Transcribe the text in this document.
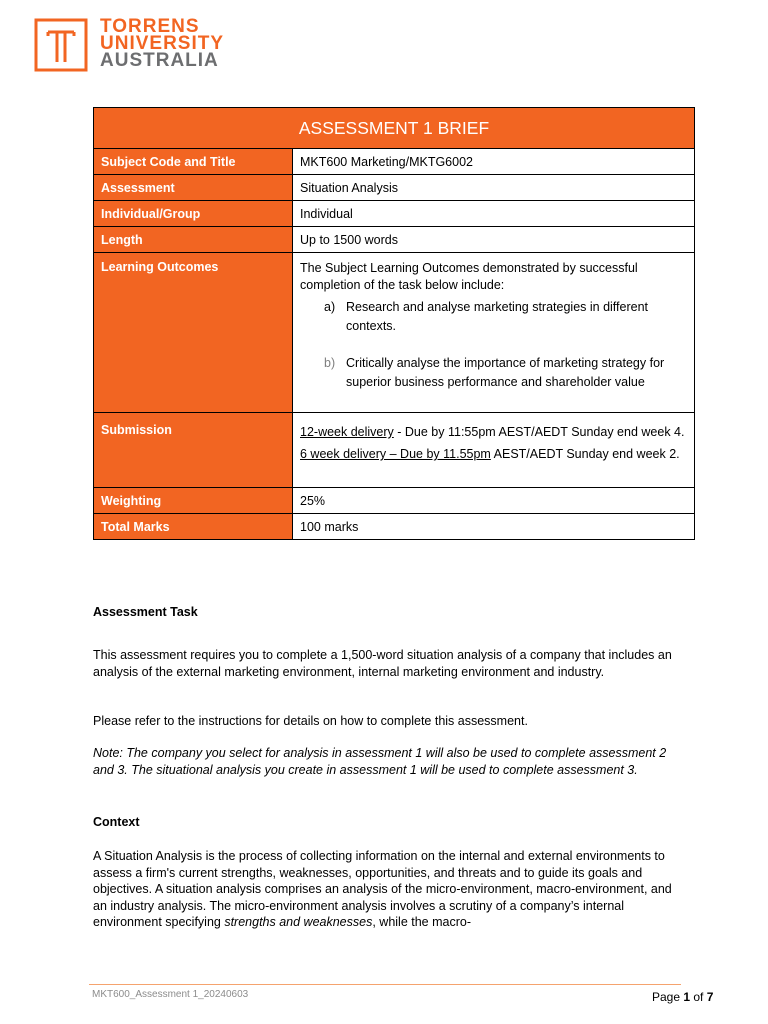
TORRENS
UNIVERSITY
AUSTRALIA
ASSESSMENT 1 BRIEF	
Subject Code and Title	MKT600 Marketing/MKTG6002
Assessment	Situation Analysis
Individual/Group	Individual
Length	Up to 1500 words
Learning Outcomes	The Subject Learning Outcomes demonstrated by successful completion of the task below include:
a) Research and analyse marketing strategies in different contexts.
b) Critically analyse the importance of marketing strategy for superior business performance and shareholder value

Submission	12-week delivery - Due by 11:55pm AEST/AEDT Sunday end week 4.
6 week delivery – Due by 11.55pm AEST/AEDT Sunday end week 2.

Weighting	25%
Total Marks	100 marks
Assessment Task
This assessment requires you to complete a 1,500-word situation analysis of a company that includes an analysis of the external marketing environment, internal marketing environment and industry.
Please refer to the instructions for details on how to complete this assessment.
Note: The company you select for analysis in assessment 1 will also be used to complete assessment 2 and 3. The situational analysis you create in assessment 1 will be used to complete assessment 3.
Context
A Situation Analysis is the process of collecting information on the internal and external environments to assess a firm's current strengths, weaknesses, opportunities, and threats and to guide its goals and objectives. A situation analysis comprises an analysis of the micro-environment, macro-environment, and an industry analysis. The micro-environment analysis involves a scrutiny of a company’s internal environment specifying strengths and weaknesses, while the macro-
MKT600_Assessment 1_20240603	Page 1 of 7
